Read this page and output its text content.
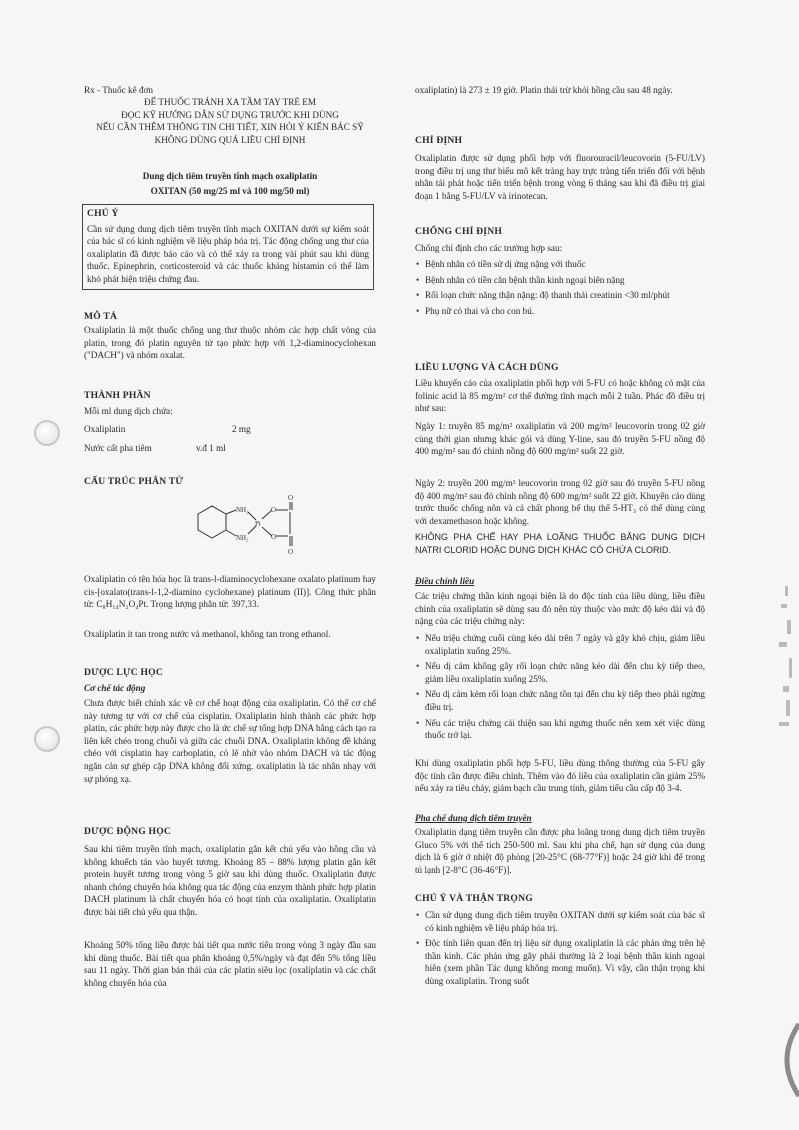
Rx - Thuốc kê đơn

ĐỂ THUỐC TRÁNH XA TẦM TAY TRẺ EM

ĐỌC KỸ HƯỚNG DẪN SỬ DỤNG TRƯỚC KHI DÙNG

NẾU CẦN THÊM THÔNG TIN CHI TIẾT, XIN HỎI Ý KIẾN BÁC SỸ

KHÔNG DÙNG QUÁ LIỀU CHỈ ĐỊNH

Dung dịch tiêm truyền tĩnh mạch oxaliplatin

OXITAN (50 mg/25 ml và 100 mg/50 ml)

CHÚ Ý

Cần sử dụng dung dịch tiêm truyền tĩnh mạch OXITAN dưới sự kiểm soát của bác sĩ có kinh nghiệm về liệu pháp hóa trị. Tác động chống ung thư của oxaliplatin đã được báo cáo và có thể xảy ra trong vài phút sau khi dùng thuốc. Epinephrin, corticosteroid và các thuốc kháng histamin có thể làm khó phát hiện triệu chứng đau.

MÔ TẢ

Oxaliplatin là một thuốc chống ung thư thuộc nhóm các hợp chất vòng của platin, trong đó platin nguyên tử tạo phức hợp với 1,2-diaminocyclohexan ("DACH") và nhóm oxalat.

THÀNH PHẦN

Mỗi ml dung dịch chứa:

Oxaliplatin	2 mg
Nước cất pha tiêm	v.đ 1 ml

CẤU TRÚC PHÂN TỬ

NH₂
NH₂
Pt
O
O
O
O

Oxaliplatin có tên hóa học là trans-l-diaminocyclohexane oxalato platinum hay cis-[oxalato(trans-l-1,2-diamino cyclohexane) platinum (II)]. Công thức phân tử: C₈H₁₄N₂O₄Pt. Trọng lượng phân tử: 397,33.

Oxaliplatin ít tan trong nước và methanol, không tan trong ethanol.

DƯỢC LỰC HỌC

Cơ chế tác động

Chưa được biết chính xác về cơ chế hoạt động của oxaliplatin. Có thể cơ chế này tương tự với cơ chế của cisplatin. Oxaliplatin hình thành các phức hợp platin, các phức hợp này được cho là ức chế sự tổng hợp DNA bằng cách tạo ra liên kết chéo trong chuỗi và giữa các chuỗi DNA. Oxaliplatin không đề kháng chéo với cisplatin hay carboplatin, có lẽ nhờ vào nhóm DACH và tác động ngăn cản sự ghép cặp DNA không đối xứng. oxaliplatin là tác nhân nhạy với sự phóng xạ.

DƯỢC ĐỘNG HỌC

Sau khi tiêm truyền tĩnh mạch, oxaliplatin gắn kết chủ yếu vào hồng cầu và không khuếch tán vào huyết tương. Khoảng 85 – 88% lượng platin gắn kết protein huyết tương trong vòng 5 giờ sau khi dùng thuốc. Oxaliplatin được nhanh chóng chuyển hóa không qua tác động của enzym thành phức hợp platin DACH platinum là chất chuyển hóa có hoạt tính của oxaliplatin. Oxaliplatin được bài tiết chủ yếu qua thận.

Khoảng 50% tổng liều được bài tiết qua nước tiểu trong vòng 3 ngày đầu sau khi dùng thuốc. Bài tiết qua phân khoảng 0,5%/ngày và đạt đến 5% tổng liều sau 11 ngày. Thời gian bán thải của các platin siêu lọc (oxaliplatin và các chất không chuyển hóa của

oxaliplatin) là 273 ± 19 giờ. Platin thải trừ khỏi hồng cầu sau 48 ngày.

CHỈ ĐỊNH

Oxaliplatin được sử dụng phối hợp với fluorouracil/leucovorin (5-FU/LV) trong điều trị ung thư biểu mô kết tràng hay trực tràng tiến triển đối với bệnh nhân tái phát hoặc tiến triển bệnh trong vòng 6 tháng sau khi đã điều trị giai đoạn 1 bằng 5-FU/LV và irinotecan.

CHỐNG CHỈ ĐỊNH

Chống chỉ định cho các trường hợp sau:

• Bệnh nhân có tiền sử dị ứng nặng với thuốc
• Bệnh nhân có tiền căn bệnh thần kinh ngoại biên nặng
• Rối loạn chức năng thận nặng: độ thanh thải creatinin <30 ml/phút
• Phụ nữ có thai và cho con bú.

LIỀU LƯỢNG VÀ CÁCH DÙNG

Liều khuyến cáo của oxaliplatin phối hợp với 5-FU có hoặc không có mặt của folinic acid là 85 mg/m² cơ thể đường tĩnh mạch mỗi 2 tuần. Phác đồ điều trị như sau:

Ngày 1: truyền 85 mg/m² oxaliplatin và 200 mg/m² leucovorin trong 02 giờ cùng thời gian nhưng khác gói và dùng Y-line, sau đó truyền 5-FU nồng độ 400 mg/m² sau đó chỉnh nồng độ 600 mg/m² suốt 22 giờ.

Ngày 2: truyền 200 mg/m² leucovorin trong 02 giờ sau đó truyền 5-FU nồng độ 400 mg/m² sau đó chỉnh nồng độ 600 mg/m² suốt 22 giờ. Khuyến cáo dùng trước thuốc chống nôn và cả chất phong bế thụ thể 5-HT₃ có thể dùng cùng với dexamethason hoặc không.

KHÔNG PHA CHẾ HAY PHA LOÃNG THUỐC BẰNG DUNG DỊCH NATRI CLORID HOẶC DUNG DỊCH KHÁC CÓ CHỨA CLORID.

Điều chỉnh liều

Các triệu chứng thần kinh ngoại biên là do độc tính của liều dùng, liều điều chỉnh của oxaliplatin sẽ dùng sau đó nên tùy thuộc vào mức độ kéo dài và độ nặng của các triệu chứng này:

• Nếu triệu chứng cuối cùng kéo dài trên 7 ngày và gây khó chịu, giảm liều oxaliplatin xuống 25%.
• Nếu dị cảm không gây rối loạn chức năng kéo dài đến chu kỳ tiếp theo, giảm liều oxaliplatin xuống 25%.
• Nếu dị cảm kèm rối loạn chức năng tồn tại đến chu kỳ tiếp theo phải ngừng điều trị.
• Nếu các triệu chứng cải thiện sau khi ngưng thuốc nên xem xét việc dùng thuốc trở lại.

Khi dùng oxaliplatin phối hợp 5-FU, liều dùng thông thường của 5-FU gây độc tính cần được điều chỉnh. Thêm vào đó liều của oxaliplatin cần giảm 25% nếu xảy ra tiêu chảy, giảm bạch cầu trung tính, giảm tiểu cầu cấp độ 3-4.

Pha chế dung dịch tiêm truyền

Oxaliplatin dạng tiêm truyền cần được pha loãng trong dung dịch tiêm truyền Gluco 5% với thể tích 250-500 ml. Sau khi pha chế, hạn sử dụng của dung dịch là 6 giờ ở nhiệt độ phòng [20-25°C (68-77°F)] hoặc 24 giờ khi để trong tủ lạnh [2-8°C (36-46°F)].

CHÚ Ý VÀ THẬN TRỌNG

• Cần sử dụng dung dịch tiêm truyền OXITAN dưới sự kiểm soát của bác sĩ có kinh nghiệm về liệu pháp hóa trị.
• Độc tính liên quan đến trị liệu sử dụng oxaliplatin là các phản ứng trên hệ thần kinh. Các phản ứng gây phải thường là 2 loại bệnh thần kinh ngoại biên (xem phần Tác dụng không mong muốn). Vì vậy, cần thận trọng khi dùng oxaliplatin. Trong suốt
